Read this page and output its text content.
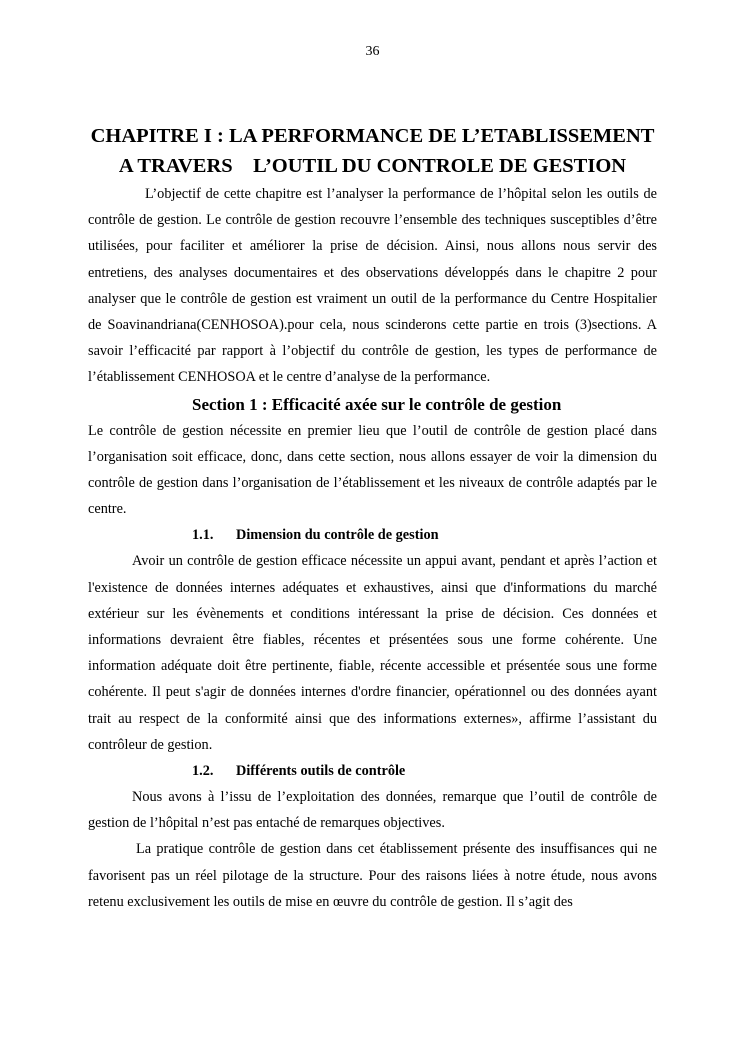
36
CHAPITRE I : LA PERFORMANCE DE L’ETABLISSEMENT
A TRAVERS    L’OUTIL DU CONTROLE DE GESTION

L’objectif de cette chapitre est l’analyser la performance de l’hôpital selon les outils de contrôle de gestion. Le contrôle de gestion recouvre l’ensemble des techniques susceptibles d’être utilisées, pour faciliter et améliorer la prise de décision. Ainsi, nous allons nous servir des entretiens, des analyses documentaires et des observations développés dans le chapitre 2 pour analyser que le contrôle de gestion est vraiment un outil de la performance du Centre Hospitalier de Soavinandriana(CENHOSOA).pour cela, nous scinderons cette partie en trois (3)sections. A savoir l’efficacité par rapport à l’objectif du contrôle de gestion, les types de performance de l’établissement CENHOSOA et le centre d’analyse de la performance.

Section 1 : Efficacité axée sur le contrôle de gestion

Le contrôle de gestion nécessite en premier lieu que l’outil de contrôle de gestion placé dans l’organisation soit efficace, donc, dans cette section, nous allons essayer de voir la dimension du contrôle de gestion dans l’organisation de l’établissement et les niveaux de contrôle adaptés par le centre.

1.1. Dimension du contrôle de gestion

Avoir un contrôle de gestion efficace nécessite un appui avant, pendant et après l’action et l'existence de données internes adéquates et exhaustives, ainsi que d'informations du marché extérieur sur les évènements et conditions intéressant la prise de décision. Ces données et informations devraient être fiables, récentes et présentées sous une forme cohérente. Une information adéquate doit être pertinente, fiable, récente accessible et présentée sous une forme cohérente. Il peut s'agir de données internes d'ordre financier, opérationnel ou des données ayant trait au respect de la conformité ainsi que des informations externes», affirme l’assistant du contrôleur de gestion.

1.2. Différents outils de contrôle

Nous avons à l’issu de l’exploitation des données, remarque que l’outil de contrôle de gestion de l’hôpital n’est pas entaché de remarques objectives.

La pratique contrôle de gestion dans cet établissement présente des insuffisances qui ne favorisent pas un réel pilotage de la structure. Pour des raisons liées à notre étude, nous avons retenu exclusivement les outils de mise en œuvre du contrôle de gestion. Il s’agit des
